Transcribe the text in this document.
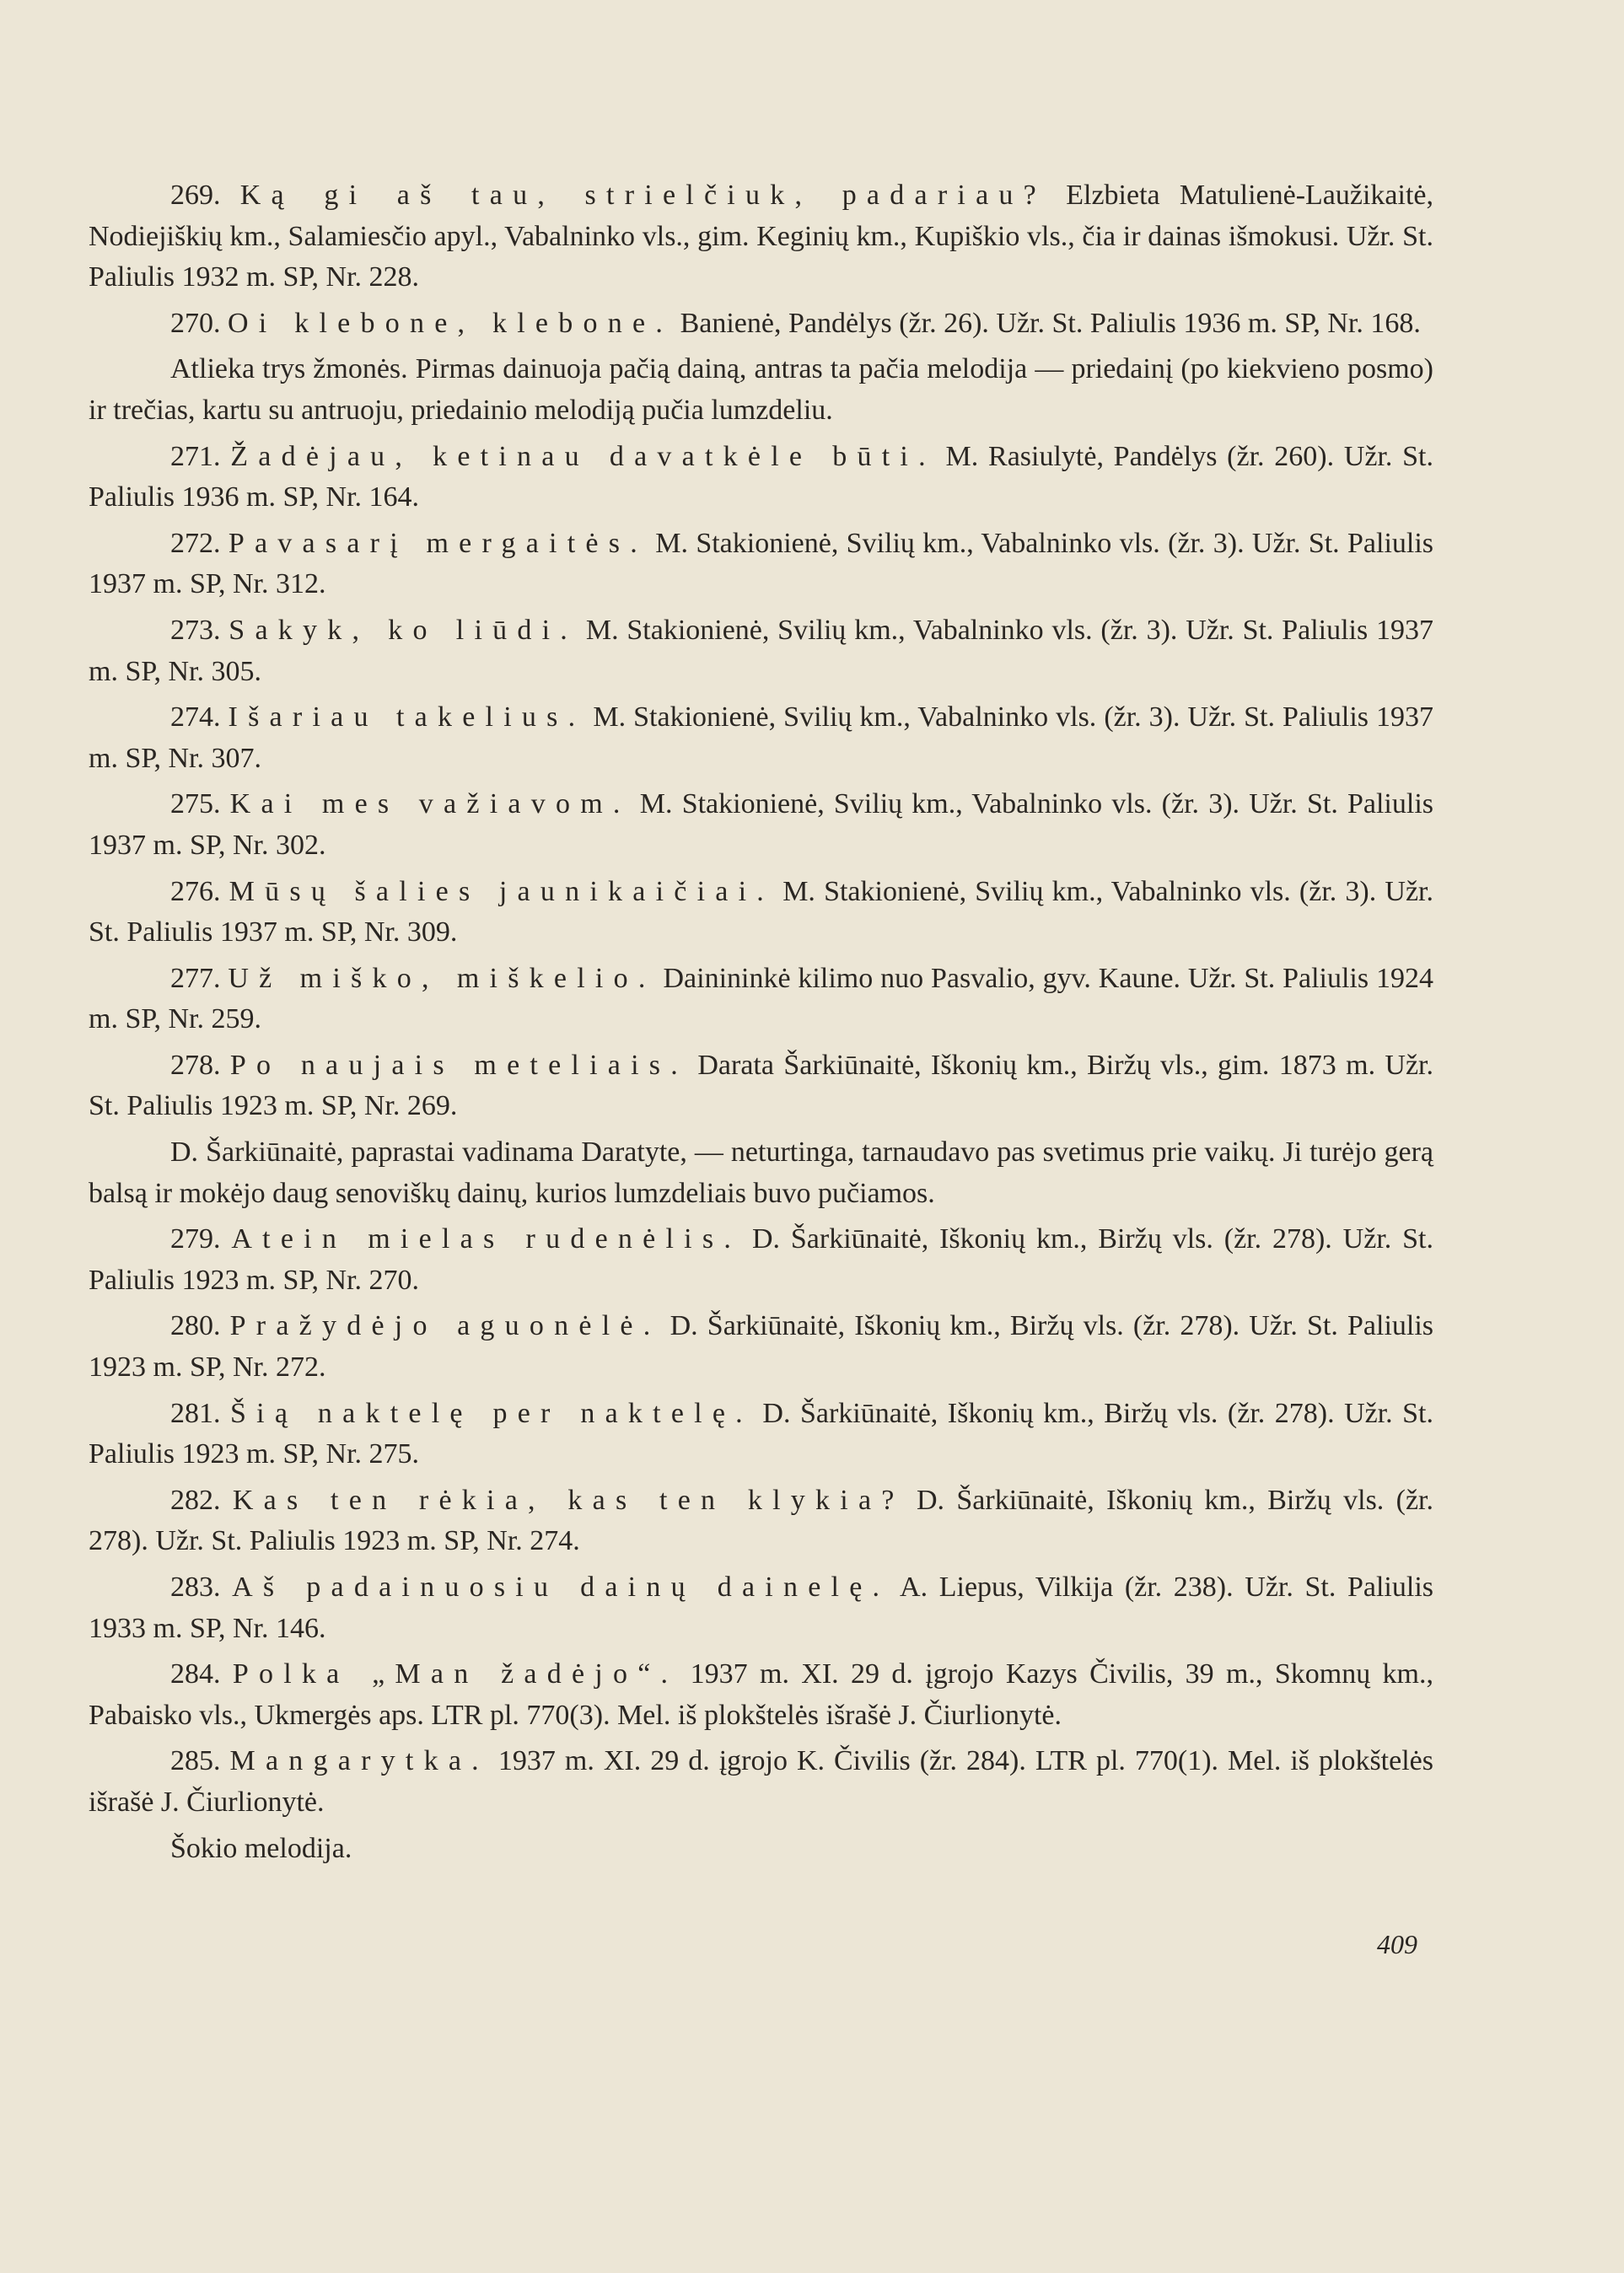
269. Ką gi aš tau, strielčiuk, padariau? Elzbieta Matulienė-Laužikaitė, Nodiejiškių km., Salamiesčio apyl., Vabalninko vls., gim. Keginių km., Kupiškio vls., čia ir dainas išmokusi. Užr. St. Paliulis 1932 m. SP, Nr. 228.

270. Oi klebone, klebone. Banienė, Pandėlys (žr. 26). Užr. St. Paliulis 1936 m. SP, Nr. 168.

Atlieka trys žmonės. Pirmas dainuoja pačią dainą, antras ta pačia melodija — priedainį (po kiekvieno posmo) ir trečias, kartu su antruoju, priedainio melodiją pučia lumzdeliu.

271. Žadėjau, ketinau davatkėle būti. M. Rasiulytė, Pandėlys (žr. 260). Užr. St. Paliulis 1936 m. SP, Nr. 164.

272. Pavasarį mergaitės. M. Stakionienė, Svilių km., Vabalninko vls. (žr. 3). Užr. St. Paliulis 1937 m. SP, Nr. 312.

273. Sakyk, ko liūdi. M. Stakionienė, Svilių km., Vabalninko vls. (žr. 3). Užr. St. Paliulis 1937 m. SP, Nr. 305.

274. Išariau takelius. M. Stakionienė, Svilių km., Vabalninko vls. (žr. 3). Užr. St. Paliulis 1937 m. SP, Nr. 307.

275. Kai mes važiavom. M. Stakionienė, Svilių km., Vabalninko vls. (žr. 3). Užr. St. Paliulis 1937 m. SP, Nr. 302.

276. Mūsų šalies jaunikaičiai. M. Stakionienė, Svilių km., Vabalninko vls. (žr. 3). Užr. St. Paliulis 1937 m. SP, Nr. 309.

277. Už miško, miškelio. Dainininkė kilimo nuo Pasvalio, gyv. Kaune. Užr. St. Paliulis 1924 m. SP, Nr. 259.

278. Po naujais meteliais. Darata Šarkiūnaitė, Iškonių km., Biržų vls., gim. 1873 m. Užr. St. Paliulis 1923 m. SP, Nr. 269.

D. Šarkiūnaitė, paprastai vadinama Daratyte, — neturtinga, tarnaudavo pas svetimus prie vaikų. Ji turėjo gerą balsą ir mokėjo daug senoviškų dainų, kurios lumzdeliais buvo pučiamos.

279. Atein mielas rudenėlis. D. Šarkiūnaitė, Iškonių km., Biržų vls. (žr. 278). Užr. St. Paliulis 1923 m. SP, Nr. 270.

280. Pražydėjo aguonėlė. D. Šarkiūnaitė, Iškonių km., Biržų vls. (žr. 278). Užr. St. Paliulis 1923 m. SP, Nr. 272.

281. Šią naktelę per naktelę. D. Šarkiūnaitė, Iškonių km., Biržų vls. (žr. 278). Užr. St. Paliulis 1923 m. SP, Nr. 275.

282. Kas ten rėkia, kas ten klykia? D. Šarkiūnaitė, Iškonių km., Biržų vls. (žr. 278). Užr. St. Paliulis 1923 m. SP, Nr. 274.

283. Aš padainuosiu dainų dainelę. A. Liepus, Vilkija (žr. 238). Užr. St. Paliulis 1933 m. SP, Nr. 146.

284. Polka „Man žadėjo“. 1937 m. XI. 29 d. įgrojo Kazys Čivilis, 39 m., Skomnų km., Pabaisko vls., Ukmergės aps. LTR pl. 770(3). Mel. iš plokštelės išrašė J. Čiurlionytė.

285. Mangarytka. 1937 m. XI. 29 d. įgrojo K. Čivilis (žr. 284). LTR pl. 770(1). Mel. iš plokštelės išrašė J. Čiurlionytė.

Šokio melodija.

409
